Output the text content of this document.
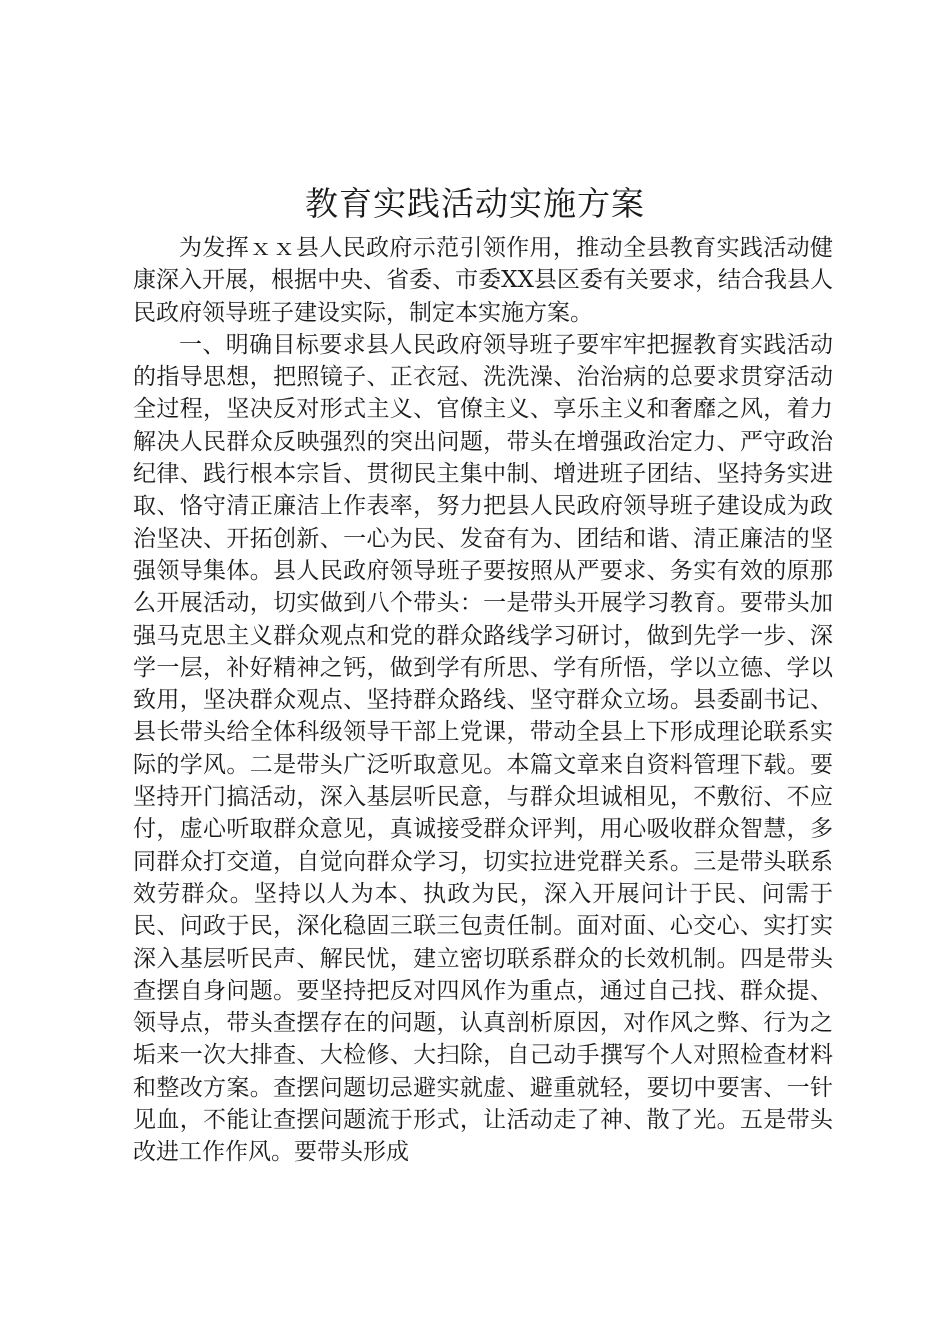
教育实践活动实施方案

为发挥ｘｘ县人民政府示范引领作用，推动全县教育实践活动健康深入开展，根据中央、省委、市委XX县区委有关要求，结合我县人民政府领导班子建设实际，制定本实施方案。

一、明确目标要求县人民政府领导班子要牢牢把握教育实践活动的指导思想，把照镜子、正衣冠、洗洗澡、治治病的总要求贯穿活动全过程，坚决反对形式主义、官僚主义、享乐主义和奢靡之风，着力解决人民群众反映强烈的突出问题，带头在增强政治定力、严守政治纪律、践行根本宗旨、贯彻民主集中制、增进班子团结、坚持务实进取、恪守清正廉洁上作表率，努力把县人民政府领导班子建设成为政治坚决、开拓创新、一心为民、发奋有为、团结和谐、清正廉洁的坚强领导集体。县人民政府领导班子要按照从严要求、务实有效的原那么开展活动，切实做到八个带头：一是带头开展学习教育。要带头加强马克思主义群众观点和党的群众路线学习研讨，做到先学一步、深学一层，补好精神之钙，做到学有所思、学有所悟，学以立德、学以致用，坚决群众观点、坚持群众路线、坚守群众立场。县委副书记、县长带头给全体科级领导干部上党课，带动全县上下形成理论联系实际的学风。二是带头广泛听取意见。本篇文章来自资料管理下载。要坚持开门搞活动，深入基层听民意，与群众坦诚相见，不敷衍、不应付，虚心听取群众意见，真诚接受群众评判，用心吸收群众智慧，多同群众打交道，自觉向群众学习，切实拉进党群关系。三是带头联系效劳群众。坚持以人为本、执政为民，深入开展问计于民、问需于民、问政于民，深化稳固三联三包责任制。面对面、心交心、实打实深入基层听民声、解民忧，建立密切联系群众的长效机制。四是带头查摆自身问题。要坚持把反对四风作为重点，通过自己找、群众提、领导点，带头查摆存在的问题，认真剖析原因，对作风之弊、行为之垢来一次大排查、大检修、大扫除，自己动手撰写个人对照检查材料和整改方案。查摆问题切忌避实就虚、避重就轻，要切中要害、一针见血，不能让查摆问题流于形式，让活动走了神、散了光。五是带头改进工作作风。要带头形成
